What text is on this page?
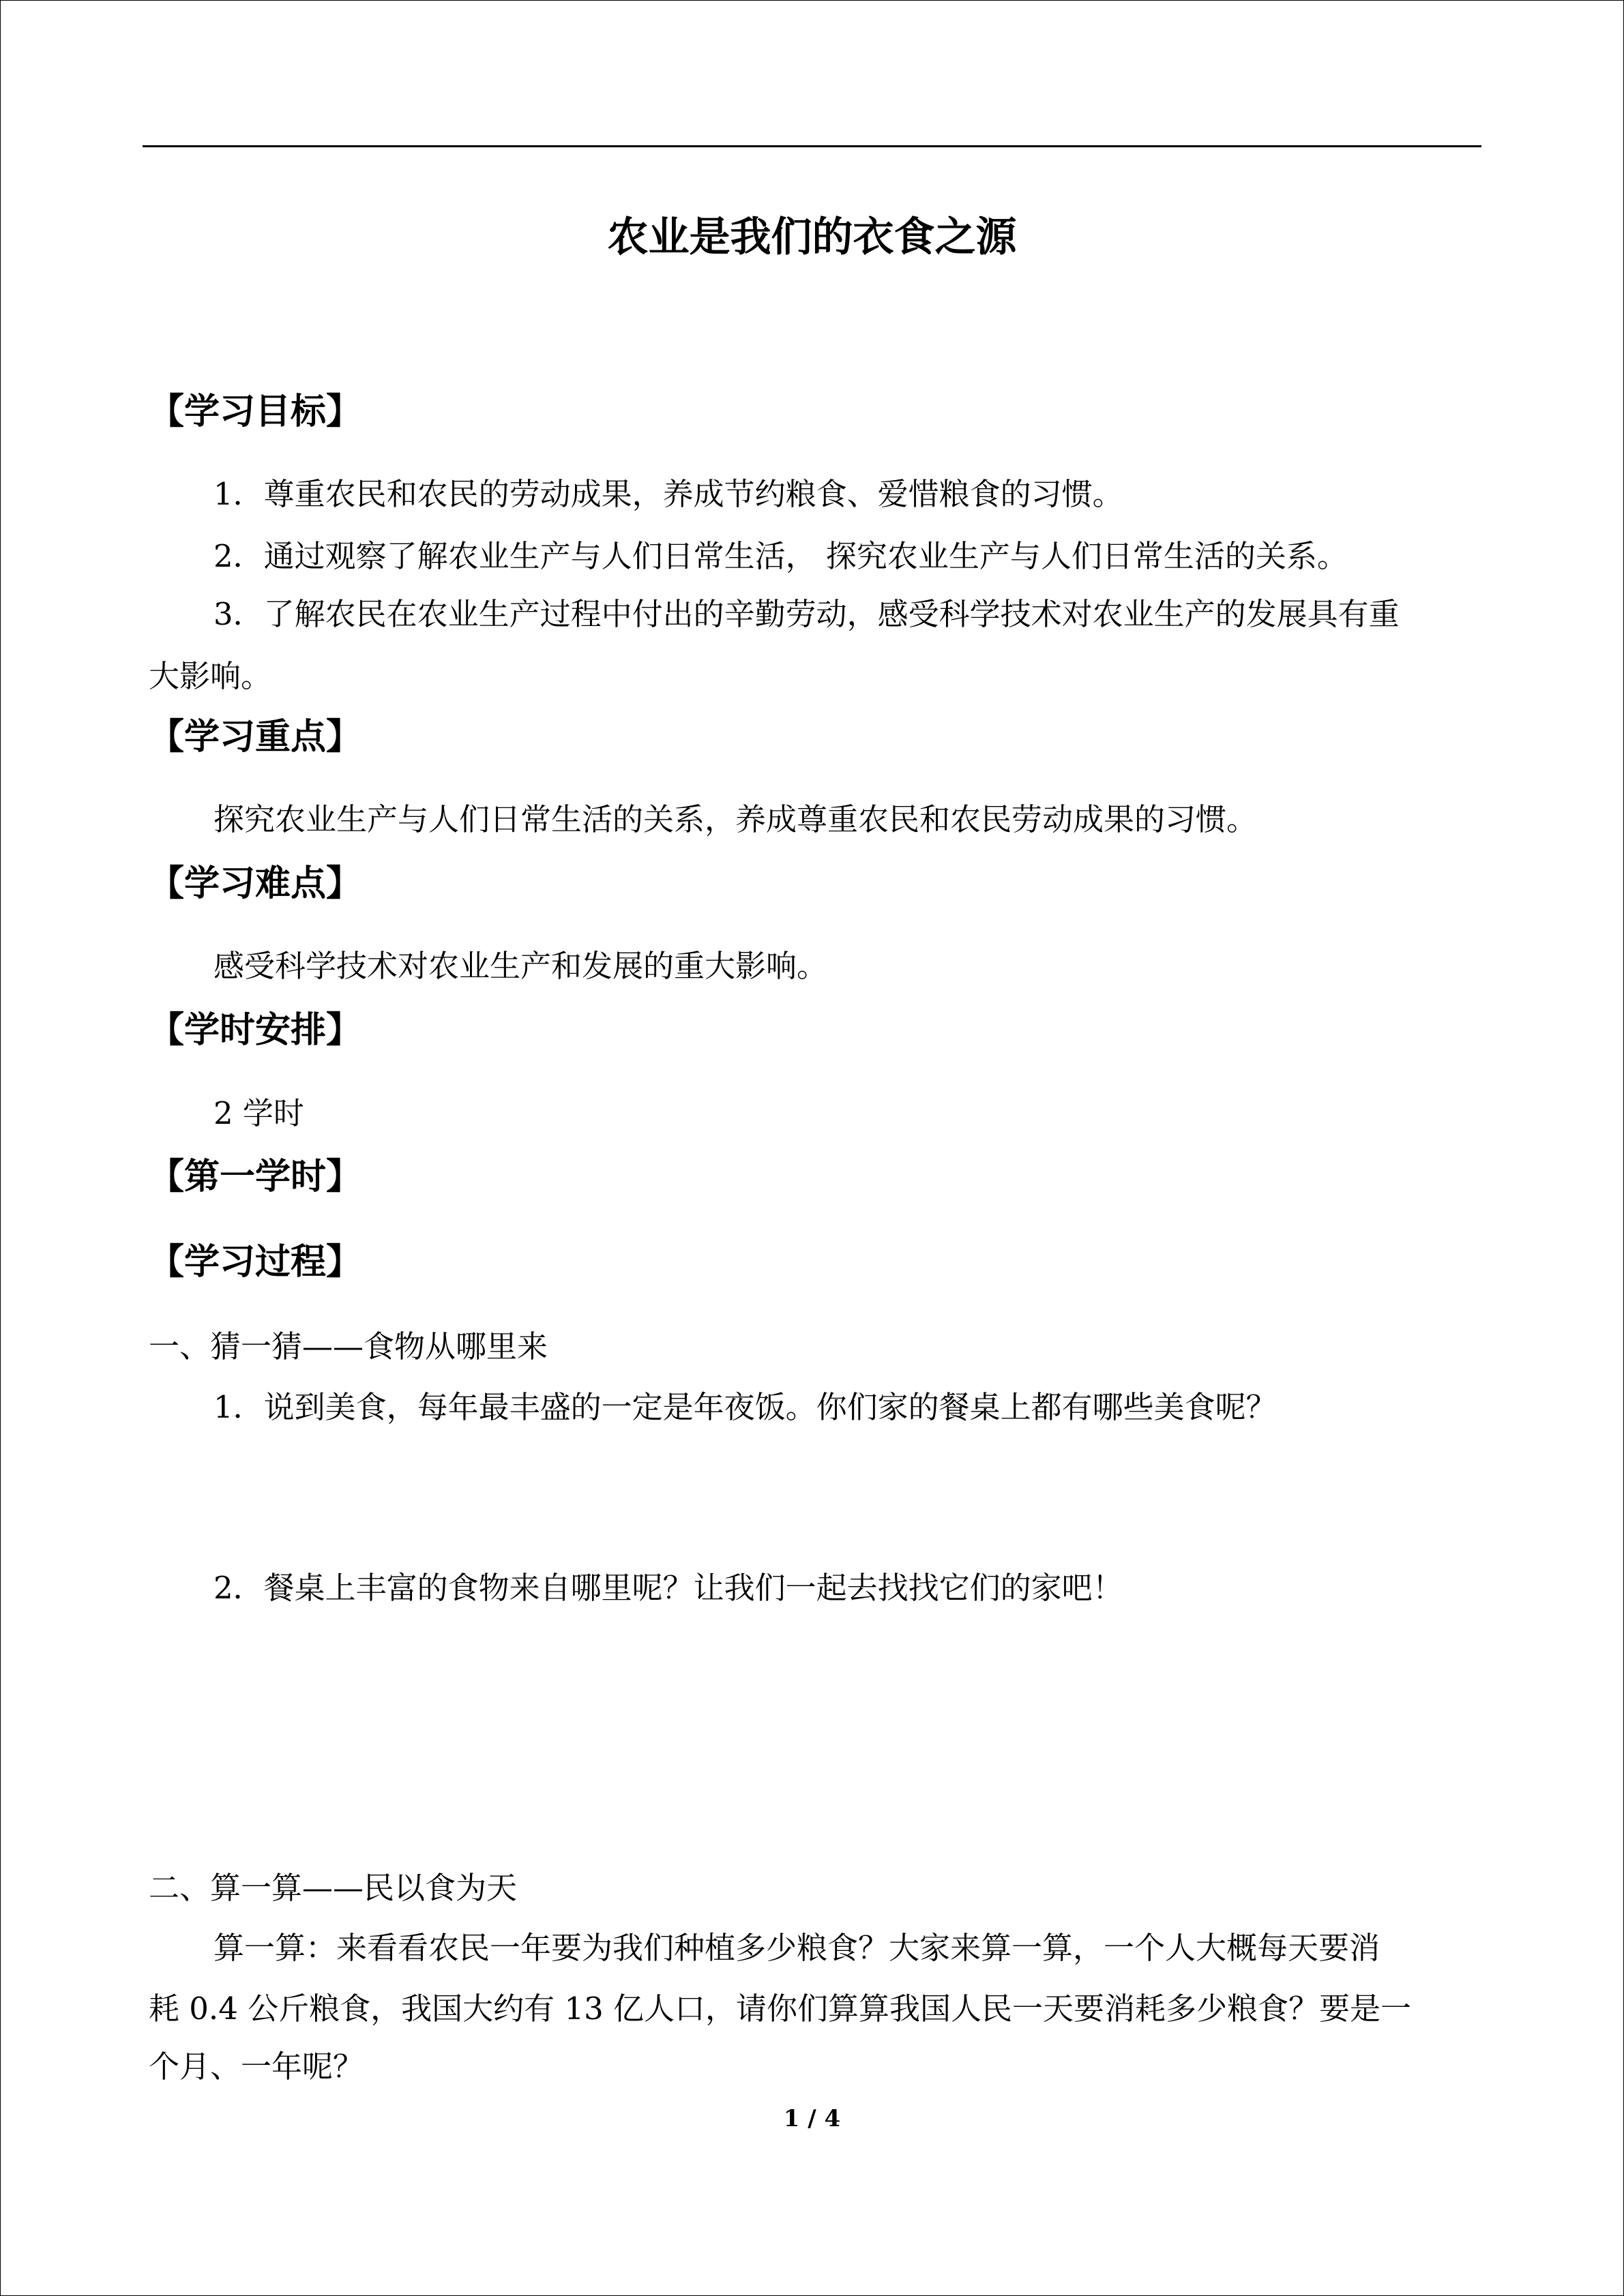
农业是我们的衣食之源
【学习目标】
1．尊重农民和农民的劳动成果，养成节约粮食、爱惜粮食的习惯。
2．通过观察了解农业生产与人们日常生活， 探究农业生产与人们日常生活的关系。
3．了解农民在农业生产过程中付出的辛勤劳动，感受科学技术对农业生产的发展具有重
大影响。
【学习重点】
探究农业生产与人们日常生活的关系，养成尊重农民和农民劳动成果的习惯。
【学习难点】
感受科学技术对农业生产和发展的重大影响。
【学时安排】
2 学时
【第一学时】
【学习过程】
一、猜一猜——食物从哪里来
1．说到美食，每年最丰盛的一定是年夜饭。你们家的餐桌上都有哪些美食呢？
2．餐桌上丰富的食物来自哪里呢？让我们一起去找找它们的家吧！
二、算一算——民以食为天
算一算：来看看农民一年要为我们种植多少粮食？大家来算一算，一个人大概每天要消
耗 0.4 公斤粮食，我国大约有 13 亿人口，请你们算算我国人民一天要消耗多少粮食？要是一
个月、一年呢？
1 / 4
